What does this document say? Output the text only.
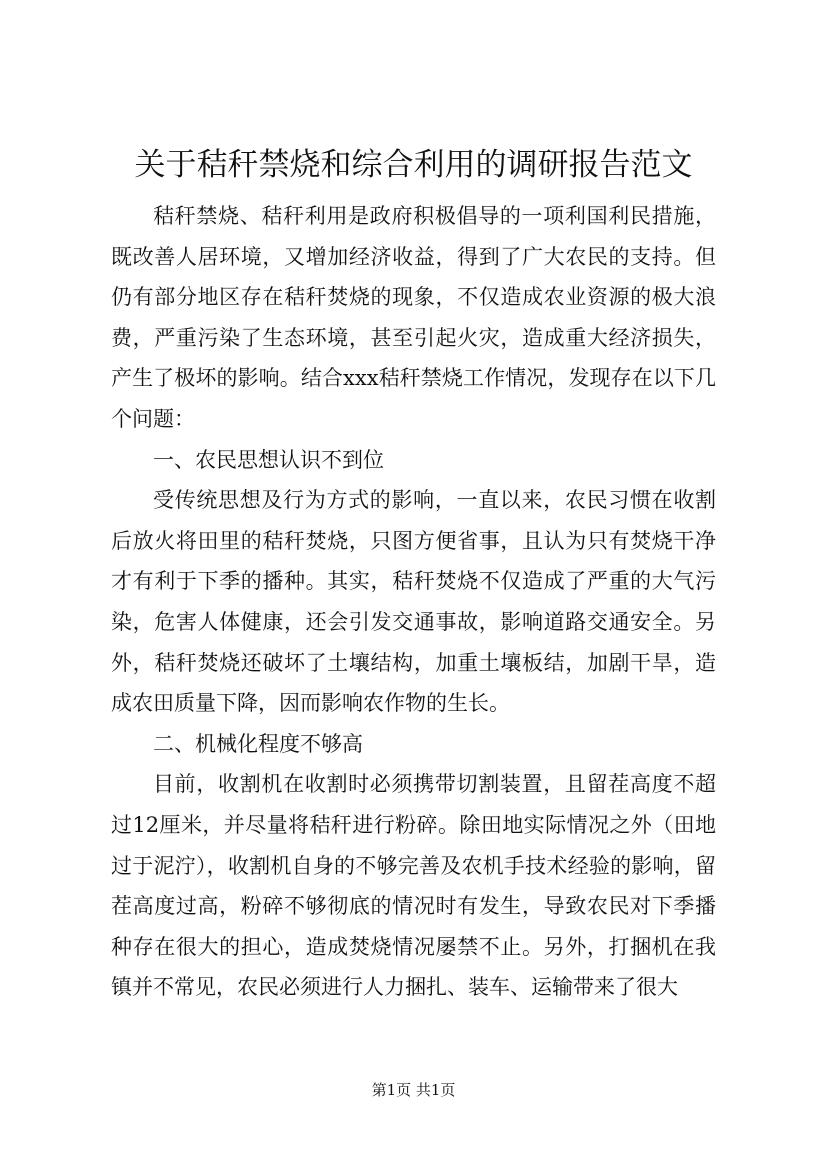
关于秸秆禁烧和综合利用的调研报告范文

秸秆禁烧、秸秆利用是政府积极倡导的一项利国利民措施，既改善人居环境，又增加经济收益，得到了广大农民的支持。但仍有部分地区存在秸秆焚烧的现象，不仅造成农业资源的极大浪费，严重污染了生态环境，甚至引起火灾，造成重大经济损失，产生了极坏的影响。结合xxx秸秆禁烧工作情况，发现存在以下几个问题：

一、农民思想认识不到位

受传统思想及行为方式的影响，一直以来，农民习惯在收割后放火将田里的秸秆焚烧，只图方便省事，且认为只有焚烧干净才有利于下季的播种。其实，秸秆焚烧不仅造成了严重的大气污染，危害人体健康，还会引发交通事故，影响道路交通安全。另外，秸秆焚烧还破坏了土壤结构，加重土壤板结，加剧干旱，造成农田质量下降，因而影响农作物的生长。

二、机械化程度不够高

目前，收割机在收割时必须携带切割装置，且留茬高度不超过12厘米，并尽量将秸秆进行粉碎。除田地实际情况之外（田地过于泥泞），收割机自身的不够完善及农机手技术经验的影响，留茬高度过高，粉碎不够彻底的情况时有发生，导致农民对下季播种存在很大的担心，造成焚烧情况屡禁不止。另外，打捆机在我镇并不常见，农民必须进行人力捆扎、装车、运输带来了很大

第1页 共1页
